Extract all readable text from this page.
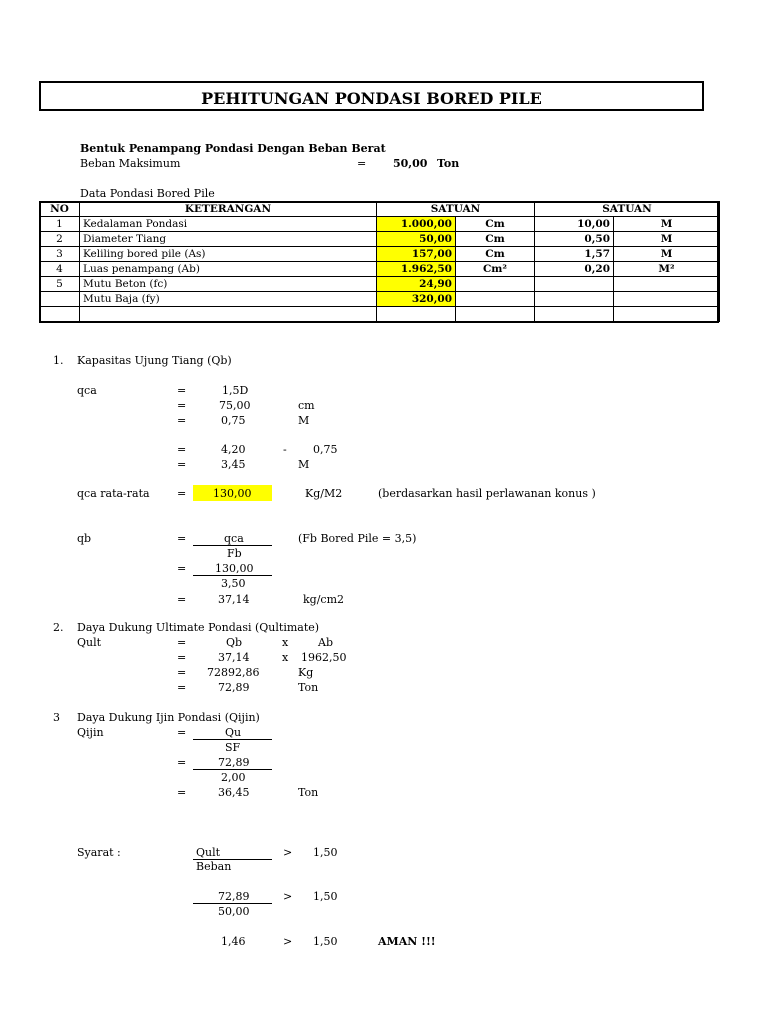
PEHITUNGAN PONDASI BORED PILE
Bentuk Penampang Pondasi Dengan Beban Berat
Beban Maksimum	= 50,00 Ton
Data Pondasi Bored Pile
NO	KETERANGAN	SATUAN		SATUAN	
1	Kedalaman Pondasi	1.000,00	Cm	10,00	M
2	Diameter Tiang	50,00	Cm	0,50	M
3	Keliling bored pile (As)	157,00	Cm	1,57	M
4	Luas penampang (Ab)	1.962,50	Cm²	0,20	M²
5	Mutu Beton (fc)	24,90			
	Mutu Baja (fy)	320,00			

1. Kapasitas Ujung Tiang (Qb)
qca	=	1,5D
=	75,00	cm
=	0,75	M
=	4,20	- 0,75
=	3,45	M
qca rata-rata = 130,00	Kg/M2	(berdasarkan hasil perlawanan konus )
qb	=	qca	(Fb Bored Pile = 3,5)
Fb
=	130,00
3,50
=	37,14	kg/cm2
2. Daya Dukung Ultimate Pondasi (Qultimate)
Qult	=	Qb	x	Ab
=	37,14	x 1962,50
= 72892,86	Kg
=	72,89	Ton
3 Daya Dukung Ijin Pondasi (Qijin)
Qijin	=	Qu
SF
=	72,89
2,00
=	36,45	Ton
Syarat :	Qult
Beban
> 1,50
72,89
50,00
> 1,50
1,46	> 1,50	AMAN !!!
